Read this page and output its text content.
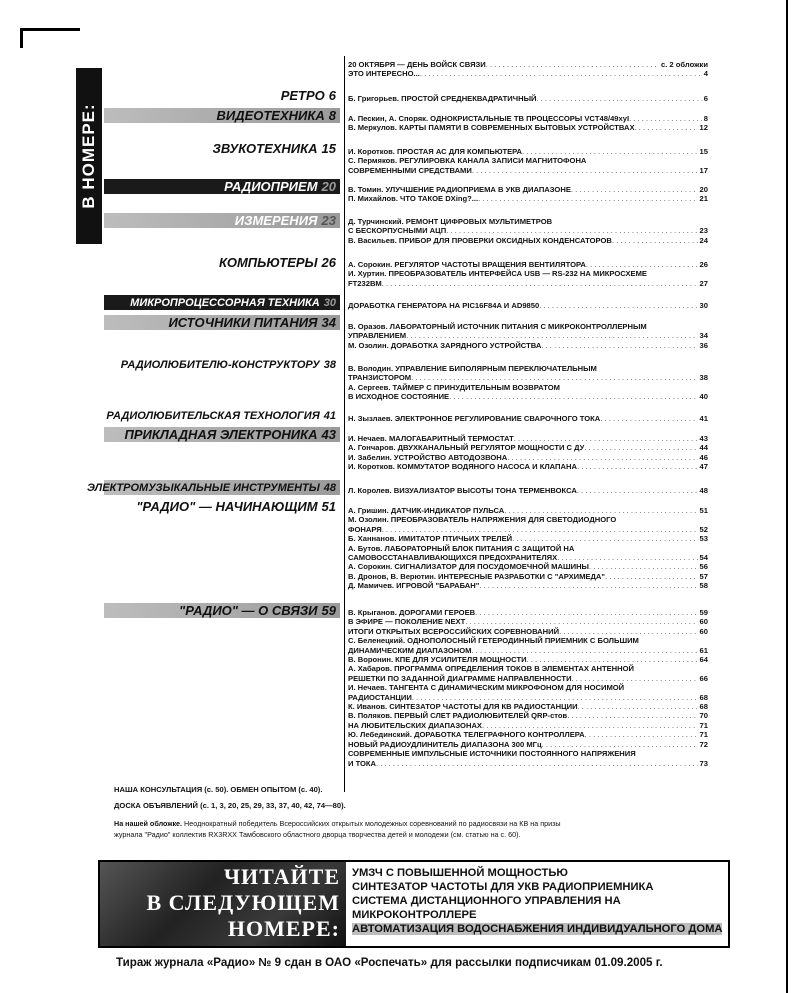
В НОМЕРЕ:
РЕТРО 6
ВИДЕОТЕХНИКА 8
ЗВУКОТЕХНИКА 15
РАДИОПРИЕМ 20
ИЗМЕРЕНИЯ 23
КОМПЬЮТЕРЫ 26
МИКРОПРОЦЕССОРНАЯ ТЕХНИКА 30
ИСТОЧНИКИ ПИТАНИЯ 34
РАДИОЛЮБИТЕЛЮ-КОНСТРУКТОРУ 38
РАДИОЛЮБИТЕЛЬСКАЯ ТЕХНОЛОГИЯ 41
ПРИКЛАДНАЯ ЭЛЕКТРОНИКА 43
ЭЛЕКТРОМУЗЫКАЛЬНЫЕ ИНСТРУМЕНТЫ 48
"РАДИО" — НАЧИНАЮЩИМ 51
"РАДИО" — О СВЯЗИ 59
20 ОКТЯБРЯ — ДЕНЬ ВОЙСК СВЯЗИ . . .	с. 2 обложки
ЭТО ИНТЕРЕСНО... . . .	4
Б. Григорьев. ПРОСТОЙ СРЕДНЕКВАДРАТИЧНЫЙ . . .	6
А. Пескин, А. Споряк. ОДНОКРИСТАЛЬНЫЕ ТВ ПРОЦЕССОРЫ VCT48/49xyI . . .	8
В. Меркулов. КАРТЫ ПАМЯТИ В СОВРЕМЕННЫХ БЫТОВЫХ УСТРОЙСТВАХ . . .	12
И. Коротков. ПРОСТАЯ АС ДЛЯ КОМПЬЮТЕРА . . .	15
С. Пермяков. РЕГУЛИРОВКА КАНАЛА ЗАПИСИ МАГНИТОФОНА
СОВРЕМЕННЫМИ СРЕДСТВАМИ . . .	17
В. Томин. УЛУЧШЕНИЕ РАДИОПРИЕМА В УКВ ДИАПАЗОНЕ . . .	20
П. Михайлов. ЧТО ТАКОЕ DXing?... . . .	21
Д. Турчинский. РЕМОНТ ЦИФРОВЫХ МУЛЬТИМЕТРОВ
С БЕСКОРПУСНЫМИ АЦП . . .	23
В. Васильев. ПРИБОР ДЛЯ ПРОВЕРКИ ОКСИДНЫХ КОНДЕНСАТОРОВ . . .	24
А. Сорокин. РЕГУЛЯТОР ЧАСТОТЫ ВРАЩЕНИЯ ВЕНТИЛЯТОРА . . .	26
И. Хуртин. ПРЕОБРАЗОВАТЕЛЬ ИНТЕРФЕЙСА USB — RS-232 НА МИКРОСХЕМЕ
FT232BM . . .	27
ДОРАБОТКА ГЕНЕРАТОРА НА PIC16F84A И AD9850 . . .	30
В. Оразов. ЛАБОРАТОРНЫЙ ИСТОЧНИК ПИТАНИЯ С МИКРОКОНТРОЛЛЕРНЫМ
УПРАВЛЕНИЕМ . . .	34
М. Озолин. ДОРАБОТКА ЗАРЯДНОГО УСТРОЙСТВА . . .	36
В. Володин. УПРАВЛЕНИЕ БИПОЛЯРНЫМ ПЕРЕКЛЮЧАТЕЛЬНЫМ
ТРАНЗИСТОРОМ . . .	38
А. Сергеев. ТАЙМЕР С ПРИНУДИТЕЛЬНЫМ ВОЗВРАТОМ
В ИСХОДНОЕ СОСТОЯНИЕ . . .	40
Н. Зызлаев. ЭЛЕКТРОННОЕ РЕГУЛИРОВАНИЕ СВАРОЧНОГО ТОКА . . .	41
И. Нечаев. МАЛОГАБАРИТНЫЙ ТЕРМОСТАТ . . .	43
А. Гончаров. ДВУХКАНАЛЬНЫЙ РЕГУЛЯТОР МОЩНОСТИ С ДУ . . .	44
И. Забелин. УСТРОЙСТВО АВТОДОЗВОНА . . .	46
И. Коротков. КОММУТАТОР ВОДЯНОГО НАСОСА И КЛАПАНА . . .	47
Л. Королев. ВИЗУАЛИЗАТОР ВЫСОТЫ ТОНА ТЕРМЕНВОКСА . . .	48
А. Гришин. ДАТЧИК-ИНДИКАТОР ПУЛЬСА . . .	51
М. Озолин. ПРЕОБРАЗОВАТЕЛЬ НАПРЯЖЕНИЯ ДЛЯ СВЕТОДИОДНОГО
ФОНАРЯ . . .	52
Б. Ханнанов. ИМИТАТОР ПТИЧЬИХ ТРЕЛЕЙ . . .	53
А. Бутов. ЛАБОРАТОРНЫЙ БЛОК ПИТАНИЯ С ЗАЩИТОЙ НА
САМОВОССТАНАВЛИВАЮЩИХСЯ ПРЕДОХРАНИТЕЛЯХ . . .	54
А. Сорокин. СИГНАЛИЗАТОР ДЛЯ ПОСУДОМОЕЧНОЙ МАШИНЫ . . .	56
В. Дронов, В. Верютин. ИНТЕРЕСНЫЕ РАЗРАБОТКИ С "АРХИМЕДА" . . .	57
Д. Мамичев. ИГРОВОЙ "БАРАБАН" . . .	58
В. Крыганов. ДОРОГАМИ ГЕРОЕВ . . .	59
В ЭФИРЕ — ПОКОЛЕНИЕ NEXT . . .	60
ИТОГИ ОТКРЫТЫХ ВСЕРОССИЙСКИХ СОРЕВНОВАНИЙ . . .	60
С. Беленецкий. ОДНОПОЛОСНЫЙ ГЕТЕРОДИННЫЙ ПРИЕМНИК С БОЛЬШИМ
ДИНАМИЧЕСКИМ ДИАПАЗОНОМ . . .	61
В. Воронин. КПЕ ДЛЯ УСИЛИТЕЛЯ МОЩНОСТИ . . .	64
А. Хабаров. ПРОГРАММА ОПРЕДЕЛЕНИЯ ТОКОВ В ЭЛЕМЕНТАХ АНТЕННОЙ
РЕШЕТКИ ПО ЗАДАННОЙ ДИАГРАММЕ НАПРАВЛЕННОСТИ . . .	66
И. Нечаев. ТАНГЕНТА С ДИНАМИЧЕСКИМ МИКРОФОНОМ ДЛЯ НОСИМОЙ
РАДИОСТАНЦИИ . . .	68
К. Иванов. СИНТЕЗАТОР ЧАСТОТЫ ДЛЯ КВ РАДИОСТАНЦИИ . . .	68
В. Поляков. ПЕРВЫЙ СЛЕТ РАДИОЛЮБИТЕЛЕЙ QRP-стов . . .	70
НА ЛЮБИТЕЛЬСКИХ ДИАПАЗОНАХ . . .	71
Ю. Лебединский. ДОРАБОТКА ТЕЛЕГРАФНОГО КОНТРОЛЛЕРА . . .	71
НОВЫЙ РАДИОУДЛИНИТЕЛЬ ДИАПАЗОНА 300 МГц . . .	72
СОВРЕМЕННЫЕ ИМПУЛЬСНЫЕ ИСТОЧНИКИ ПОСТОЯННОГО НАПРЯЖЕНИЯ
И ТОКА . . .	73
НАША КОНСУЛЬТАЦИЯ (с. 50). ОБМЕН ОПЫТОМ (с. 40).
ДОСКА ОБЪЯВЛЕНИЙ (с. 1, 3, 20, 25, 29, 33, 37, 40, 42, 74—80).
На нашей обложке. Неоднократный победитель Всероссийских открытых молодежных соревнований по радиосвязи на КВ на призы
журнала "Радио" коллектив RX3RXX Тамбовского областного дворца творчества детей и молодежи (см. статью на с. 60).
ЧИТАЙТЕ
В СЛЕДУЮЩЕМ
НОМЕРЕ:
УМЗЧ С ПОВЫШЕННОЙ МОЩНОСТЬЮ
СИНТЕЗАТОР ЧАСТОТЫ ДЛЯ УКВ РАДИОПРИЕМНИКА
СИСТЕМА ДИСТАНЦИОННОГО УПРАВЛЕНИЯ НА
МИКРОКОНТРОЛЛЕРЕ
АВТОМАТИЗАЦИЯ ВОДОСНАБЖЕНИЯ ИНДИВИДУАЛЬНОГО ДОМА
Тираж журнала «Радио» № 9 сдан в ОАО «Роспечать» для рассылки подписчикам 01.09.2005 г.
